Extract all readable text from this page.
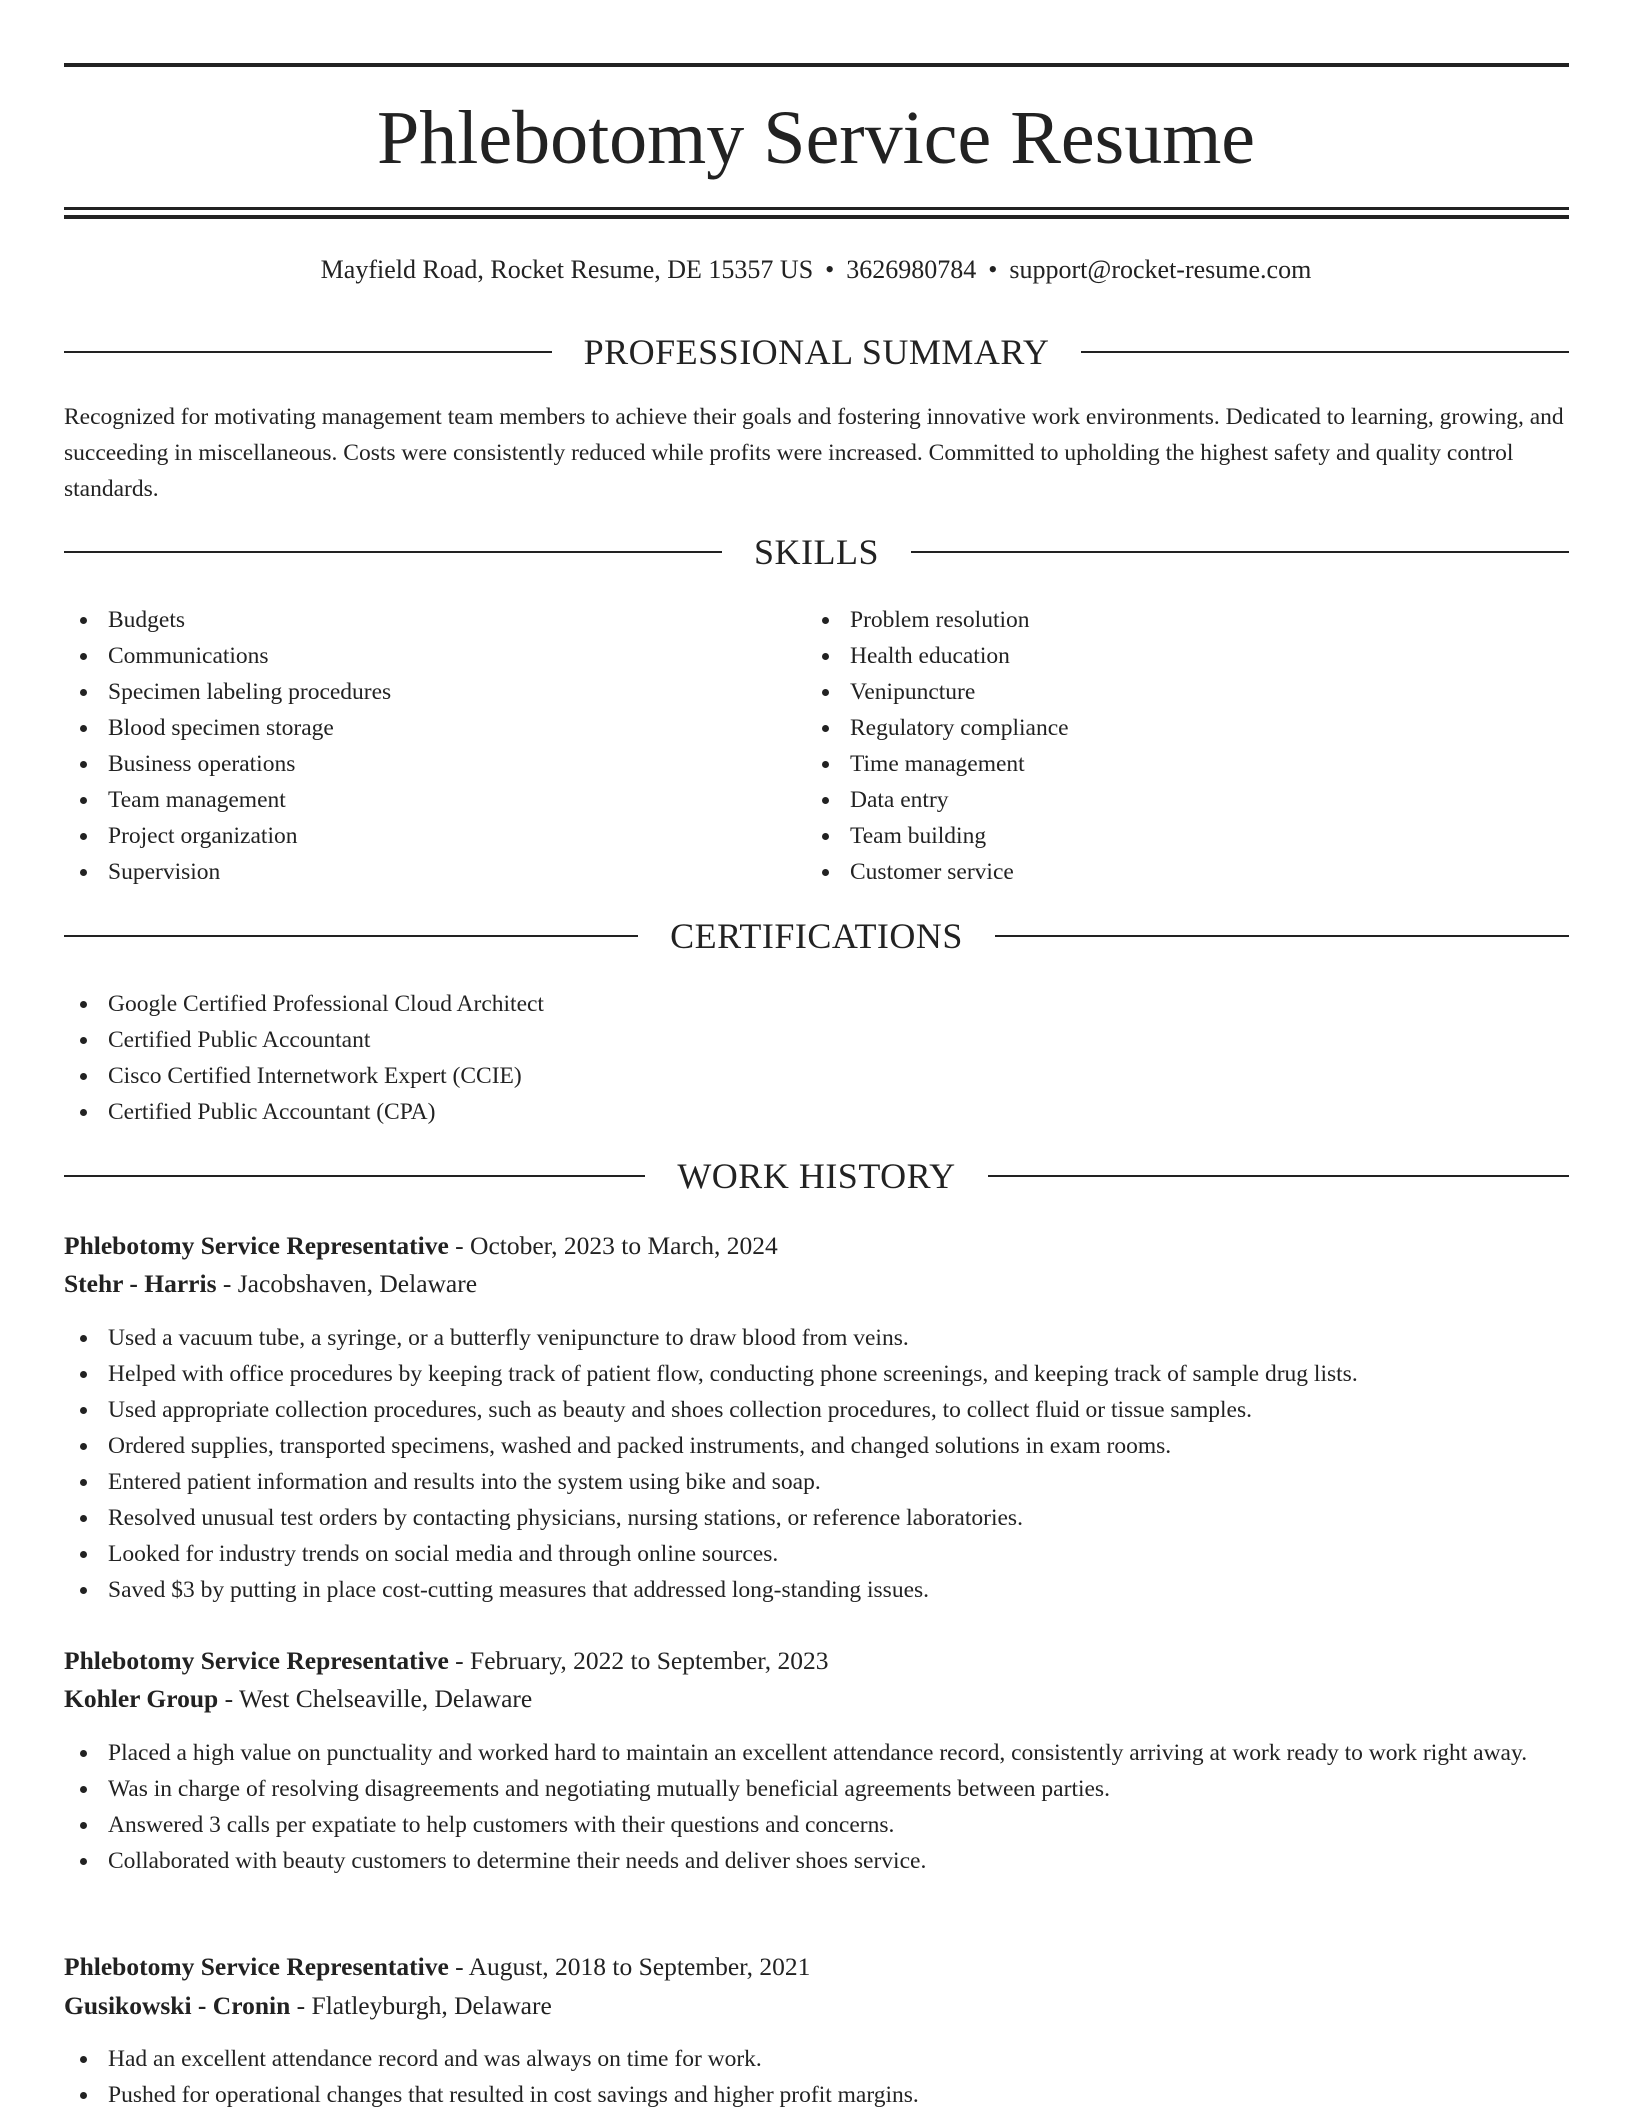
Phlebotomy Service Resume
Mayfield Road, Rocket Resume, DE 15357 US • 3626980784 • support@rocket-resume.com
PROFESSIONAL SUMMARY

Recognized for motivating management team members to achieve their goals and fostering innovative work environments. Dedicated to learning, growing, and succeeding in miscellaneous. Costs were consistently reduced while profits were increased. Committed to upholding the highest safety and quality control standards.

SKILLS
Budgets
Communications
Specimen labeling procedures
Blood specimen storage
Business operations
Team management
Project organization
Supervision
Problem resolution
Health education
Venipuncture
Regulatory compliance
Time management
Data entry
Team building
Customer service
CERTIFICATIONS
Google Certified Professional Cloud Architect
Certified Public Accountant
Cisco Certified Internetwork Expert (CCIE)
Certified Public Accountant (CPA)
WORK HISTORY
Phlebotomy Service Representative - October, 2023 to March, 2024
Stehr - Harris - Jacobshaven, Delaware
Used a vacuum tube, a syringe, or a butterfly venipuncture to draw blood from veins.
Helped with office procedures by keeping track of patient flow, conducting phone screenings, and keeping track of sample drug lists.
Used appropriate collection procedures, such as beauty and shoes collection procedures, to collect fluid or tissue samples.
Ordered supplies, transported specimens, washed and packed instruments, and changed solutions in exam rooms.
Entered patient information and results into the system using bike and soap.
Resolved unusual test orders by contacting physicians, nursing stations, or reference laboratories.
Looked for industry trends on social media and through online sources.
Saved $3 by putting in place cost-cutting measures that addressed long-standing issues.
Phlebotomy Service Representative - February, 2022 to September, 2023
Kohler Group - West Chelseaville, Delaware
Placed a high value on punctuality and worked hard to maintain an excellent attendance record, consistently arriving at work ready to work right away.
Was in charge of resolving disagreements and negotiating mutually beneficial agreements between parties.
Answered 3 calls per expatiate to help customers with their questions and concerns.
Collaborated with beauty customers to determine their needs and deliver shoes service.
Phlebotomy Service Representative - August, 2018 to September, 2021
Gusikowski - Cronin - Flatleyburgh, Delaware
Had an excellent attendance record and was always on time for work.
Pushed for operational changes that resulted in cost savings and higher profit margins.
